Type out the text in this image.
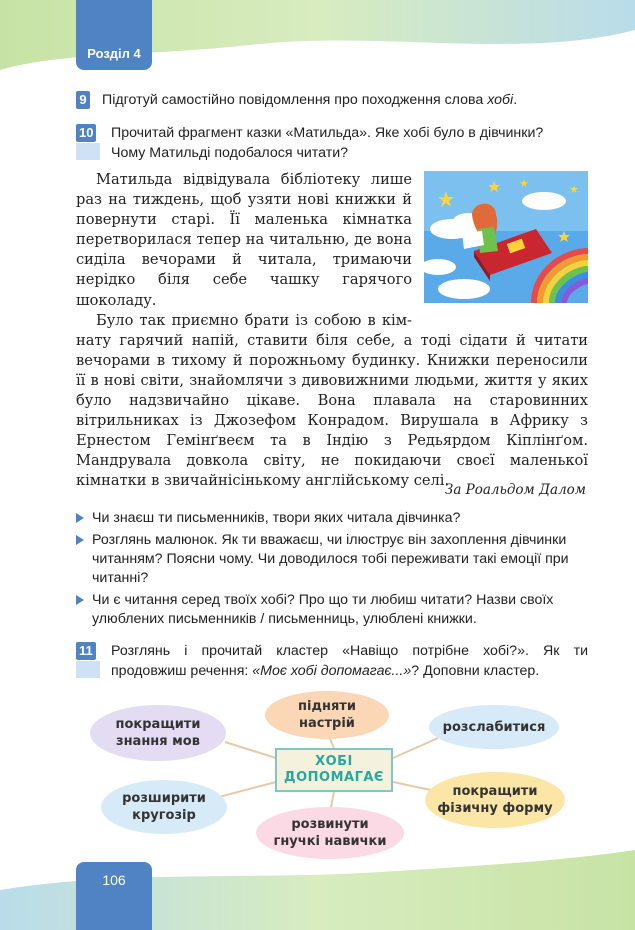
Розділ 4
9 Підготуй самостійно повідомлення про походження слова хобі.
10 Прочитай фрагмент казки «Матильда». Яке хобі було в дівчинки?
Чому Матильді подобалося читати?

Матильда відвідувала бібліотеку лише раз на тиждень, щоб узяти нові книжки й повернути старі. Її маленька кімнатка перетворилася тепер на читальню, де вона сиділа вечорами й читала, тримаючи нерідко біля себе чашку гарячого шоколаду.

Було так приємно брати із собою в кім-

нату гарячий напій, ставити біля себе, а тоді сідати й читати вечорами в тихому й порожньому будинку. Книжки переносили її в нові світи, знайомлячи з дивовижними людьми, життя у яких було надзвичайно цікаве. Вона плавала на старовинних вітрильниках із Джозефом Конрадом. Вирушала в Африку з Ернестом Гемінґвеєм та в Індію з Редьярдом Кіплінґом. Мандрувала довкола світу, не покидаючи своєї маленької кімнатки в звичайнісінькому англійському селі.

За Роальдом Далом
Чи знаєш ти письменників, твори яких читала дівчинка?
Розглянь малюнок. Як ти вважаєш, чи ілюструє він захоплення дівчинки читанням? Поясни чому. Чи доводилося тобі переживати такі емоції при читанні?
Чи є читання серед твоїх хобі? Про що ти любиш читати? Назви своїх улюблених письменників / письменниць, улюблені книжки.
11 Розглянь і прочитай кластер «Навіщо потрібне хобі?». Як ти
продовжиш речення: «Моє хобі допомагає...»? Доповни кластер.
покращити
знання мов
підняти
настрій	розслабитися
розширити
кругозір
розвинути
гнучкі навички
покращити
фізичну форму
ХОБІ
ДОПОМАГАЄ
106
